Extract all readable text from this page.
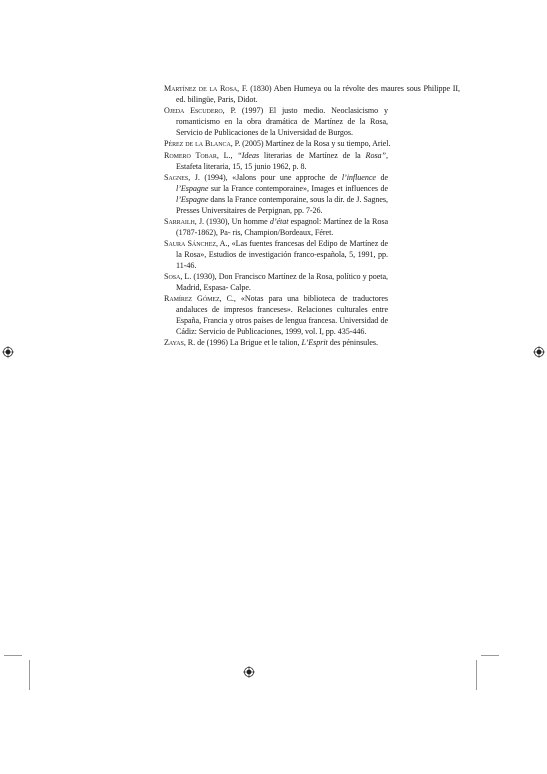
Martínez de la Rosa, F. (1830) Aben Humeya ou la révolte des maures sous Philippe II, ed. bilingüe, Paris, Didot.

Ojeda Escudero, P. (1997) El justo medio. Neoclasicismo y romanticismo en la obra dramática de Martínez de la Rosa, Servicio de Publicaciones de la Universidad de Burgos.

Pérez de la Blanca, P. (2005) Martínez de la Rosa y su tiempo, Ariel.

Romero Tobar, L., “Ideas literarias de Martínez de la Rosa”, Estafeta literaria, 15, 15 junio 1962, p. 8.

Sagnes, J. (1994), «Jalons pour une approche de l’influence de l’Espagne sur la France contemporaine», Images et influences de l’Espagne dans la France contemporaine, sous la dir. de J. Sagnes, Presses Universitaires de Perpignan, pp. 7-26.

Sarrailh, J. (1930), Un homme d’état espagnol: Martínez de la Rosa (1787-1862), Pa- ris, Champion/Bordeaux, Féret.

Saura Sánchez, A., «Las fuentes francesas del Edipo de Martínez de la Rosa», Estudios de investigación franco-española, 5, 1991, pp. 11-46.

Sosa, L. (1930), Don Francisco Martínez de la Rosa, político y poeta, Madrid, Espasa- Calpe.

Ramírez Gómez, C., «Notas para una biblioteca de traductores andaluces de impresos franceses». Relaciones culturales entre España, Francia y otros países de lengua francesa. Universidad de Cádiz: Servicio de Publicaciones, 1999, vol. I, pp. 435-446.

Zayas, R. de (1996) La Brigue et le talion, L’Esprit des péninsules.
